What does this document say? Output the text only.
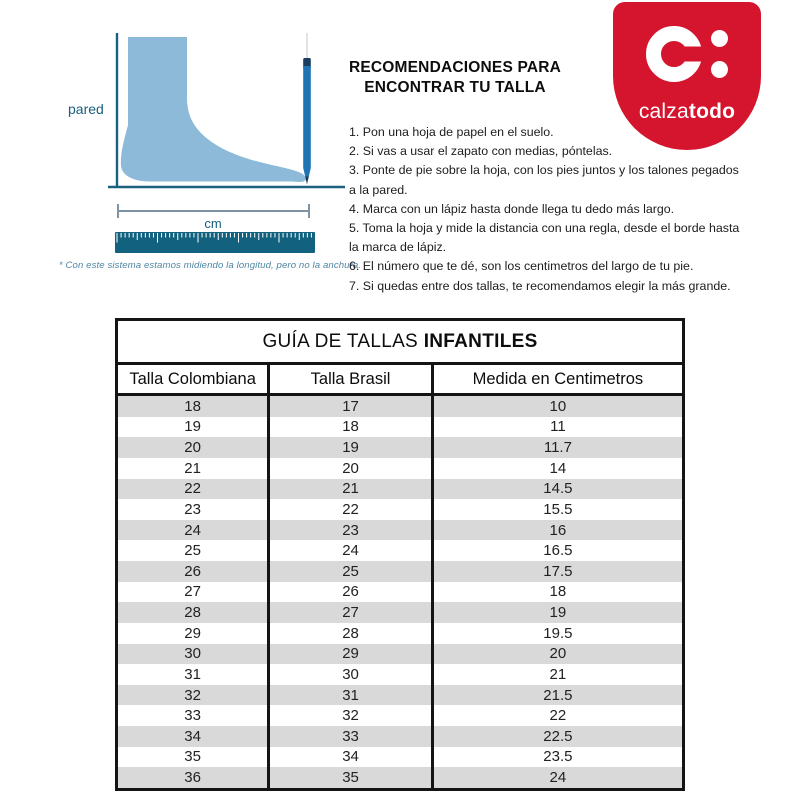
pared
cm
* Con este sistema estamos midiendo la longitud, pero no la anchura.
RECOMENDACIONES PARA
ENCONTRAR TU TALLA
1. Pon una hoja de papel en el suelo.
2. Si vas a usar el zapato con medias, póntelas.
3. Ponte de pie sobre la hoja, con los pies juntos y los talones pegados
a la pared.
4. Marca con un lápiz hasta donde llega tu dedo más largo.
5. Toma la hoja y mide la distancia con una regla, desde el borde hasta
la marca de lápiz.
6. El número que te dé, son los centimetros del largo de tu pie.
7. Si quedas entre dos tallas, te recomendamos elegir la más grande.
calzatodo
GUÍA DE TALLAS INFANTILES
Talla Colombiana	Talla Brasil	Medida en Centimetros
18	17	10
19	18	11
20	19	11.7
21	20	14
22	21	14.5
23	22	15.5
24	23	16
25	24	16.5
26	25	17.5
27	26	18
28	27	19
29	28	19.5
30	29	20
31	30	21
32	31	21.5
33	32	22
34	33	22.5
35	34	23.5
36	35	24
